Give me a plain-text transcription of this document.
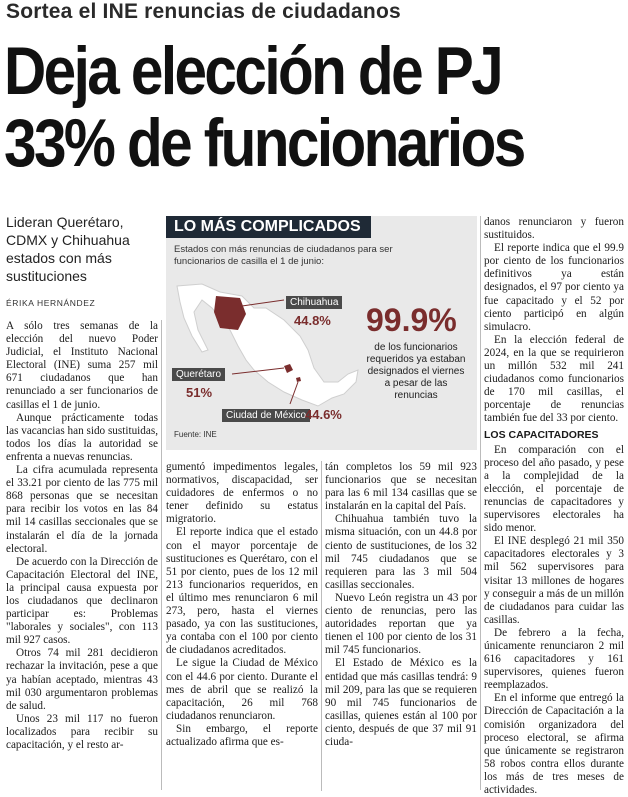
Sortea el INE renuncias de ciudadanos
Deja elección de PJ
33% de funcionarios
Lideran Querétaro, CDMX y Chihuahua estados con más sustituciones
ÉRIKA HERNÁNDEZ
LO MÁS COMPLICADOS
Estados con más renuncias de ciudadanos para ser funcionarios de casilla el 1 de junio:
Chihuahua
44.8%
Querétaro
51%
Ciudad de México
44.6%
99.9%
de los funcionarios requeridos ya estaban designados el viernes a pesar de las renuncias
Fuente: INE

A sólo tres semanas de la elección del nuevo Poder Judicial, el Instituto Nacional Electoral (INE) suma 257 mil 671 ciudadanos que han renunciado a ser funcionarios de casillas el 1 de junio.

Aunque prácticamente todas las vacancias han sido sustituidas, todos los días la autoridad se enfrenta a nuevas renuncias.

La cifra acumulada representa el 33.21 por ciento de las 775 mil 868 personas que se necesitan para recibir los votos en las 84 mil 14 casillas seccionales que se instalarán el día de la jornada electoral.

De acuerdo con la Dirección de Capacitación Electoral del INE, la principal causa expuesta por los ciudadanos que declinaron participar es: Problemas "laborales y sociales", con 113 mil 927 casos.

Otros 74 mil 281 decidieron rechazar la invitación, pese a que ya habían aceptado, mientras 43 mil 030 argumentaron problemas de salud.

Unos 23 mil 117 no fueron localizados para recibir su capacitación, y el resto ar-

gumentó impedimentos legales, normativos, discapacidad, ser cuidadores de enfermos o no tener definido su estatus migratorio.

El reporte indica que el estado con el mayor porcentaje de sustituciones es Querétaro, con el 51 por ciento, pues de los 12 mil 213 funcionarios requeridos, en el último mes renunciaron 6 mil 273, pero, hasta el viernes pasado, ya con las sustituciones, ya contaba con el 100 por ciento de ciudadanos acreditados.

Le sigue la Ciudad de México con el 44.6 por ciento. Durante el mes de abril que se realizó la capacitación, 26 mil 768 ciudadanos renunciaron.

Sin embargo, el reporte actualizado afirma que es-

tán completos los 59 mil 923 funcionarios que se necesitan para las 6 mil 134 casillas que se instalarán en la capital del País.

Chihuahua también tuvo la misma situación, con un 44.8 por ciento de sustituciones, de los 32 mil 745 ciudadanos que se requieren para las 3 mil 504 casillas seccionales.

Nuevo León registra un 43 por ciento de renuncias, pero las autoridades reportan que ya tienen el 100 por ciento de los 31 mil 745 funcionarios.

El Estado de México es la entidad que más casillas tendrá: 9 mil 209, para las que se requieren 90 mil 745 funcionarios de casillas, quienes están al 100 por ciento, después de que 37 mil 91 ciuda-

danos renunciaron y fueron sustituidos.

El reporte indica que el 99.9 por ciento de los funcionarios definitivos ya están designados, el 97 por ciento ya fue capacitado y el 52 por ciento participó en algún simulacro.

En la elección federal de 2024, en la que se requirieron un millón 532 mil 241 ciudadanos como funcionarios de 170 mil casillas, el porcentaje de renuncias también fue del 33 por ciento.

LOS CAPACITADORES

En comparación con el proceso del año pasado, y pese a la complejidad de la elección, el porcentaje de renuncias de capacitadores y supervisores electorales ha sido menor.

El INE desplegó 21 mil 350 capacitadores electorales y 3 mil 562 supervisores para visitar 13 millones de hogares y conseguir a más de un millón de ciudadanos para cuidar las casillas.

De febrero a la fecha, únicamente renunciaron 2 mil 616 capacitadores y 161 supervisores, quienes fueron reemplazados.

En el informe que entregó la Dirección de Capacitación a la comisión organizadora del proceso electoral, se afirma que únicamente se registraron 58 robos contra ellos durante los más de tres meses de actividades.
